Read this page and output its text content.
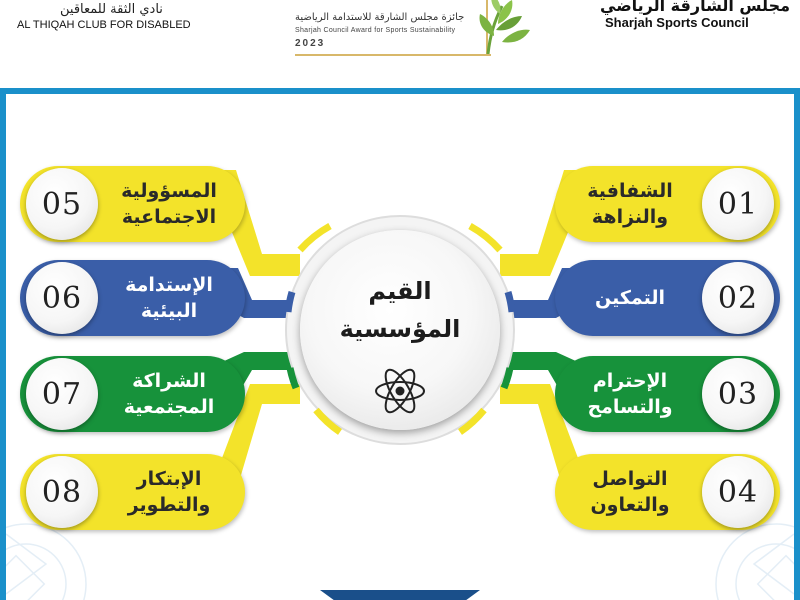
نادي الثقة للمعاقين
AL THIQAH CLUB FOR DISABLED
جائزة مجلس الشارقة للاستدامة الرياضية
Sharjah Council Award for Sports Sustainability
2023
مجلس الشارقة الرياضي
Sharjah Sports Council
الشفافية
والنزاهة 01
التمكين 02
الإحترام
والتسامح 03
التواصل
والتعاون 04
05 المسؤولية
الاجتماعية
06 الإستدامة
البيئية
07	الشراكة
المجتمعية
08	الإبتكار
والتطوير
القيم
المؤسسية
